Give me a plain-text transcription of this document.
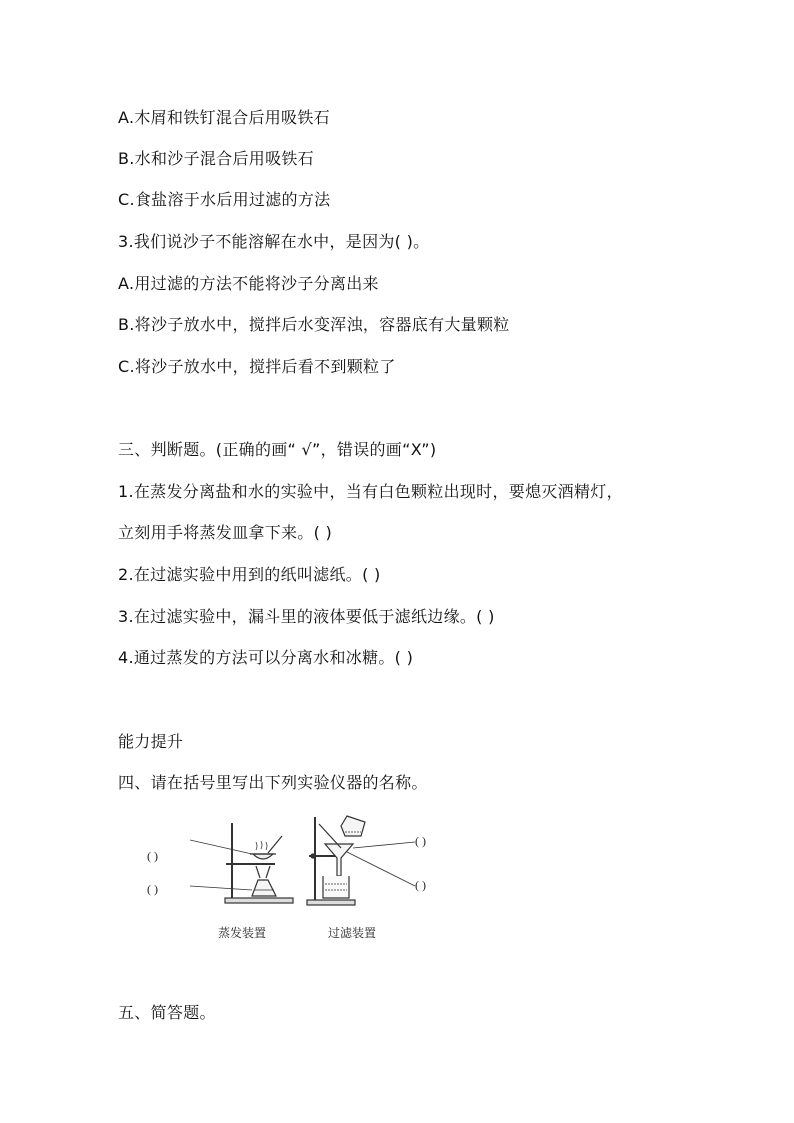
A.木屑和铁钉混合后用吸铁石
B.水和沙子混合后用吸铁石
C.食盐溶于水后用过滤的方法
3.我们说沙子不能溶解在水中，是因为( )。
A.用过滤的方法不能将沙子分离出来
B.将沙子放水中，搅拌后水变浑浊，容器底有大量颗粒
C.将沙子放水中，搅拌后看不到颗粒了
三、判断题。(正确的画“ √”，错误的画“X”)
1.在蒸发分离盐和水的实验中，当有白色颗粒出现时，要熄灭酒精灯，
立刻用手将蒸发皿拿下来。( )
2.在过滤实验中用到的纸叫滤纸。( )
3.在过滤实验中，漏斗里的液体要低于滤纸边缘。( )
4.通过蒸发的方法可以分离水和冰糖。( )
能力提升
四、请在括号里写出下列实验仪器的名称。
( )
( )
( )
( )
蒸发装置	过滤装置
五、简答题。
